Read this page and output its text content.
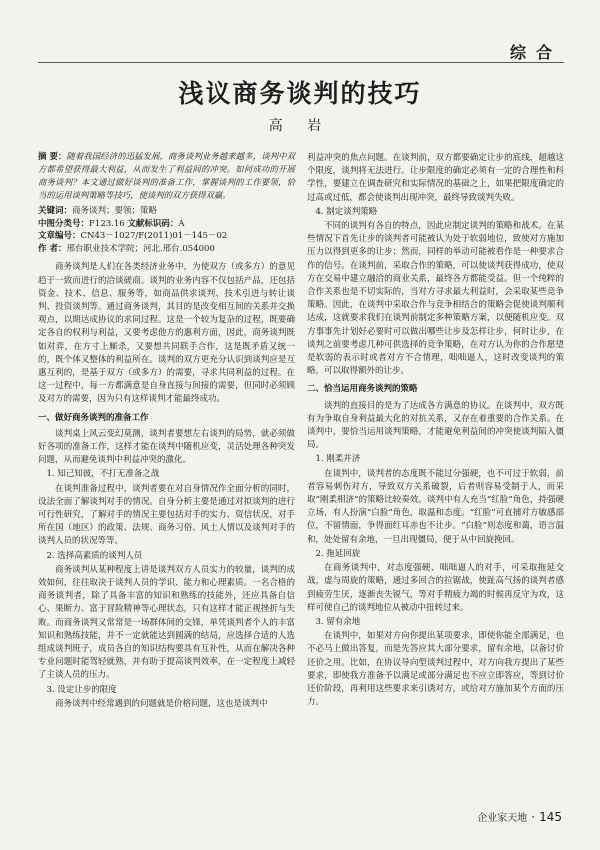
综合
浅议商务谈判的技巧
高 岩
摘 要：随着我国经济的迅猛发展，商务谈判业务越来越多，谈判中双方都希望获得最大利益，从而发生了利益间的冲突。如何成功的开展商务谈判？本文通过做好谈判的准备工作，掌握谈判的工作要领，恰当的运用谈判策略等技巧，使谈判的双方获得双赢。
关键词：商务谈判；要领；策略
中图分类号：F123.16 文献标识码：A
文章编号：CN43－1027/F(2011)01－145－02
作 者：邢台职业技术学院；河北.邢台.054000

商务谈判是人们在各类经济业务中，为使双方（或多方）的意见趋于一致而进行的洽谈磋商。谈判的业务内容不仅包括产品，还包括资金、技术、信息、服务等，如商品供求谈判、技术引进与转让谈判、投资谈判等。通过商务谈判，其目的是改变相互间的关系并交换观点，以期达成协议的求同过程。这是一个较为复杂的过程，既要确定各自的权利与利益，又要考虑他方的惠利方面，因此，商务谈判既如对弈，在方寸上厮杀，又要想共同联手合作，这是既矛盾又统一的，既个体又整体的利益所在。谈判的双方更充分认识到谈判应是互惠互利的，是基于双方（或多方）的需要，寻求共同利益的过程。在这一过程中，每一方都满意是自身直接与间接的需要，但同时必须顾及对方的需要，因为只有这样谈判才能最终成功。

一、做好商务谈判的准备工作

谈判桌上风云变幻莫测，谈判者要想左右谈判的局势，就必须做好各项的准备工作，这样才能在谈判中随机应变，灵活处理各种突发问题，从而避免谈判中利益冲突的激化。

1. 知己知彼，不打无准备之战

在谈判准备过程中，谈判者要在对自身情况作全面分析的同时，设法全面了解谈判对手的情况。自身分析主要是通过对拟谈判的进行可行性研究，了解对手的情况主要包括对手的实力、资信状况，对手所在国（地区）的政策、法规、商务习俗、风土人情以及谈判对手的谈判人员的状况等等。

2. 选择高素质的谈判人员

商务谈判从某种程度上讲是谈判双方人员实力的较量，谈判的成效如何，往往取决于谈判人员的学识、能力和心理素质。一名合格的商务谈判者，除了具备丰富的知识和熟练的技能外，还应具备自信心、果断力、富于冒险精神等心理状态，只有这样才能正视挫折与失败。而商务谈判又常常是一场群体间的交锋，单凭谈判者个人的丰富知识和熟练技能，并不一定就能达到圆满的结局，应选择合适的人选组成谈判班子，成员各自的知识结构要具有互补性，从而在解决各种专业问题时能驾轻就熟，并有助于提高谈判效率，在一定程度上减轻了主谈人员的压力。

3. 设定让步的限度

商务谈判中经常遇到的问题就是价格问题，这也是谈判中

利益冲突的焦点问题。在谈判前，双方都要确定让步的底线，超越这个限度，谈判将无法进行。让步限度的确定必须有一定的合理性和科学性，要建立在调查研究和实际情况的基础之上，如果把限度确定的过高或过低，都会使谈判出现冲突，最终导致谈判失败。

4. 制定谈判策略

不同的谈判有各自的特点，因此应制定谈判的策略和战术。在某些情况下首先让步的谈判者可能被认为处于软弱地位，致使对方施加压力以得到更多的让步；然而，同样的举动可能被看作是一种要求合作的信号。在谈判前，采取合作的策略，可以使谈判获得成功，使双方在交易中建立融洽的商业关系，最终各方都能受益。但一个纯粹的合作关系也是不切实际的，当对方寻求最大利益时，会采取某些竞争策略。因此，在谈判中采取合作与竞争相结合的策略会促使谈判顺利达成，这就要求我们在谈判前制定多种策略方案，以便随机应变。双方事事先计划好必要时可以做出哪些让步及怎样让步，何时让步，在谈判之前要考虑几种可供选择的竞争策略，在对方认为你的合作愿望是软弱的表示时或者对方不合情理，咄咄逼人，这时改变谈判的策略，可以取得额外的让步。

二、恰当运用商务谈判的策略

谈判的直接目的是为了达成各方满意的协议。在谈判中，双方既有为争取自身利益最大化的对抗关系，又存在着重要的合作关系。在谈判中，要恰当运用谈判策略，才能避免利益间的冲突使谈判陷入僵局。

1. 刚柔并济

在谈判中，谈判者的态度既不能过分强硬，也不可过于软弱，前者容易刺伤对方，导致双方关系破裂，后者则容易受制于人，而采取“刚柔相济”的策略比较奏效。谈判中有人充当“红脸”角色，持强硬立场，有人扮演“白脸”角色，取温和态度。“红脸”可直捕对方敏感部位，不留情面，争得面红耳赤也不让步。“白脸”则态度和蔼，语言温和，处处留有余地，一旦出现僵局，便于从中回旋挽回。

2. 拖延回旋

在商务谈判中，对态度强硬、咄咄逼人的对手，可采取拖延交战，虚与周旋的策略，通过多回合的拉锯战，使趾高气扬的谈判者感到疲劳生厌，逐渐丧失锐气，等对手精疲力竭的时候再反守为攻，这样可使自己的谈判地位从被动中扭转过来。

3. 留有余地

在谈判中，如果对方向你提出某项要求，即使你能全部满足，也不必马上做出答复，而是先答应其大部分要求，留有余地，以备讨价还价之用。比如，在协议导向型谈判过程中，对方向我方提出了某些要求，即使我方准备予以满足或部分满足也不应立即答应，等到讨价还价阶段，再利用这些要求来引诱对方，或给对方施加某个方面的压力。

企业家天地 · 145
